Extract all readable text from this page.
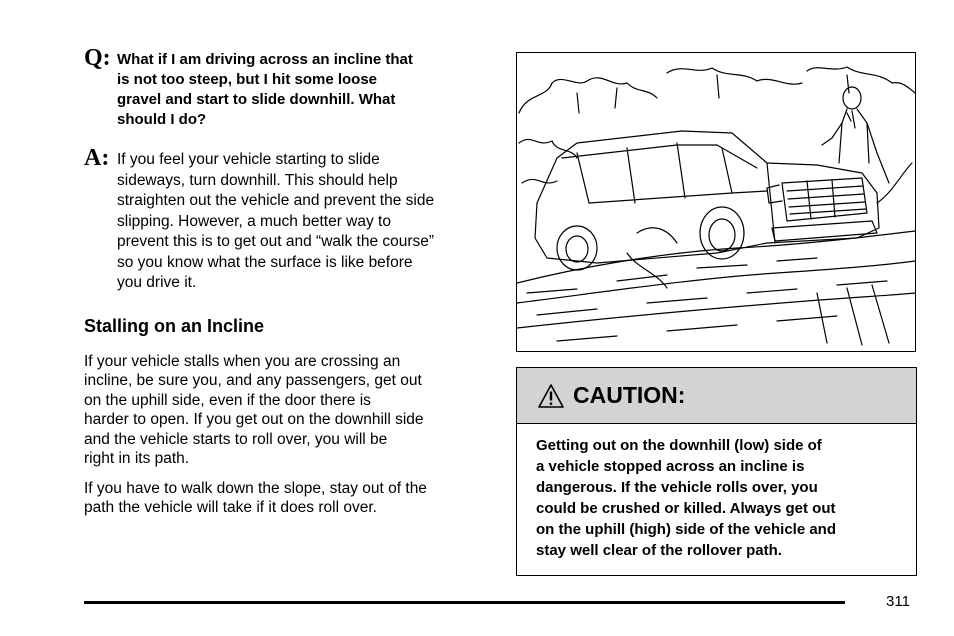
Q: What if I am driving across an incline that
is not too steep, but I hit some loose
gravel and start to slide downhill. What
should I do?
A: If you feel your vehicle starting to slide
sideways, turn downhill. This should help
straighten out the vehicle and prevent the side
slipping. However, a much better way to
prevent this is to get out and “walk the course”
so you know what the surface is like before
you drive it.
Stalling on an Incline
If your vehicle stalls when you are crossing an
incline, be sure you, and any passengers, get out
on the uphill side, even if the door there is
harder to open. If you get out on the downhill side
and the vehicle starts to roll over, you will be
right in its path.
If you have to walk down the slope, stay out of the
path the vehicle will take if it does roll over.
CAUTION:
Getting out on the downhill (low) side of
a vehicle stopped across an incline is
dangerous. If the vehicle rolls over, you
could be crushed or killed. Always get out
on the uphill (high) side of the vehicle and
stay well clear of the rollover path.
311
